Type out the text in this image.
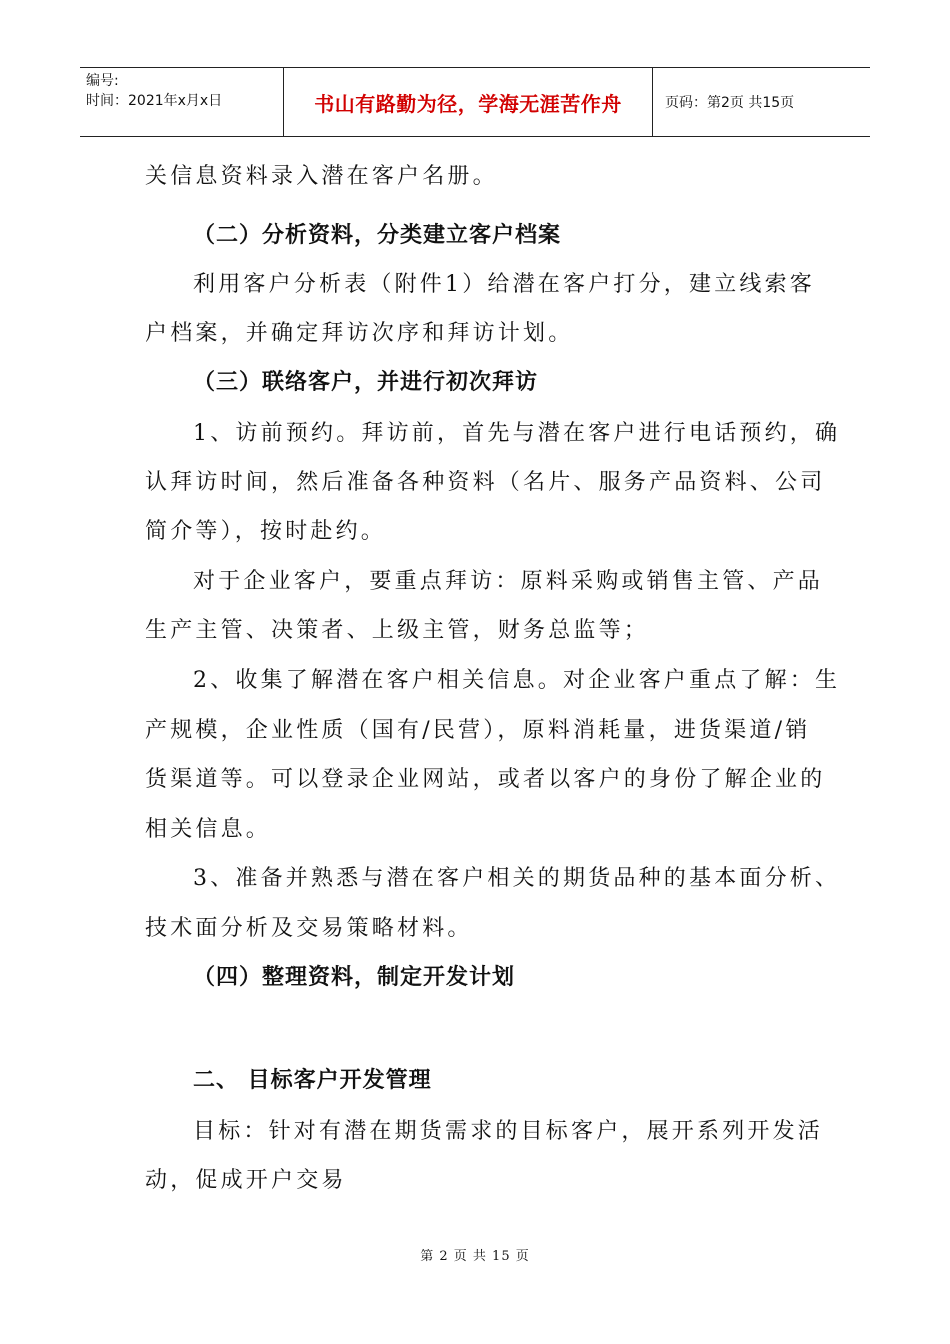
编号:
时间：2021年x月x日	书山有路勤为径，学海无涯苦作舟	页码：第2页 共15页
关信息资料录入潜在客户名册。
（二）分析资料，分类建立客户档案
利用客户分析表（附件1）给潜在客户打分，建立线索客
户档案，并确定拜访次序和拜访计划。
（三）联络客户，并进行初次拜访
1、访前预约。拜访前，首先与潜在客户进行电话预约，确
认拜访时间，然后准备各种资料（名片、服务产品资料、公司
简介等），按时赴约。
对于企业客户，要重点拜访：原料采购或销售主管、产品
生产主管、决策者、上级主管，财务总监等；
2、收集了解潜在客户相关信息。对企业客户重点了解：生
产规模，企业性质（国有/民营），原料消耗量，进货渠道/销
货渠道等。可以登录企业网站，或者以客户的身份了解企业的
相关信息。
3、准备并熟悉与潜在客户相关的期货品种的基本面分析、
技术面分析及交易策略材料。
（四）整理资料，制定开发计划
二、 目标客户开发管理
目标：针对有潜在期货需求的目标客户，展开系列开发活
动，促成开户交易
第 2 页 共 15 页
